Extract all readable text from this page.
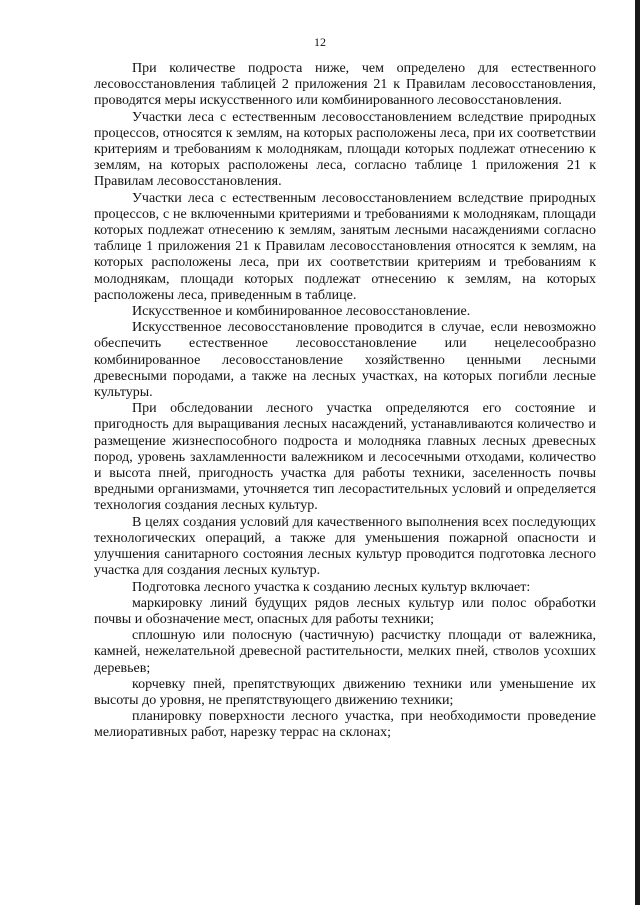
12

При количестве подроста ниже, чем определено для естественного лесовосстановления таблицей 2 приложения 21 к Правилам лесовосстановления, проводятся меры искусственного или комбинированного лесовосстановления.

Участки леса с естественным лесовосстановлением вследствие природных процессов, относятся к землям, на которых расположены леса, при их соответствии критериям и требованиям к молоднякам, площади которых подлежат отнесению к землям, на которых расположены леса, согласно таблице 1 приложения 21 к Правилам лесовосстановления.

Участки леса с естественным лесовосстановлением вследствие природных процессов, с не включенными критериями и требованиями к молоднякам, площади которых подлежат отнесению к землям, занятым лесными насаждениями согласно таблице 1 приложения 21 к Правилам лесовосстановления относятся к землям, на которых расположены леса, при их соответствии критериям и требованиям к молоднякам, площади которых подлежат отнесению к землям, на которых расположены леса, приведенным в таблице.

Искусственное и комбинированное лесовосстановление.

Искусственное лесовосстановление проводится в случае, если невозможно обеспечить естественное лесовосстановление или нецелесообразно комбинированное лесовосстановление хозяйственно ценными лесными древесными породами, а также на лесных участках, на которых погибли лесные культуры.

При обследовании лесного участка определяются его состояние и пригодность для выращивания лесных насаждений, устанавливаются количество и размещение жизнеспособного подроста и молодняка главных лесных древесных пород, уровень захламленности валежником и лесосечными отходами, количество и высота пней, пригодность участка для работы техники, заселенность почвы вредными организмами, уточняется тип лесорастительных условий и определяется технология создания лесных культур.

В целях создания условий для качественного выполнения всех последующих технологических операций, а также для уменьшения пожарной опасности и улучшения санитарного состояния лесных культур проводится подготовка лесного участка для создания лесных культур.

Подготовка лесного участка к созданию лесных культур включает:

маркировку линий будущих рядов лесных культур или полос обработки почвы и обозначение мест, опасных для работы техники;

сплошную или полосную (частичную) расчистку площади от валежника, камней, нежелательной древесной растительности, мелких пней, стволов усохших деревьев;

корчевку пней, препятствующих движению техники или уменьшение их высоты до уровня, не препятствующего движению техники;

планировку поверхности лесного участка, при необходимости проведение мелиоративных работ, нарезку террас на склонах;
